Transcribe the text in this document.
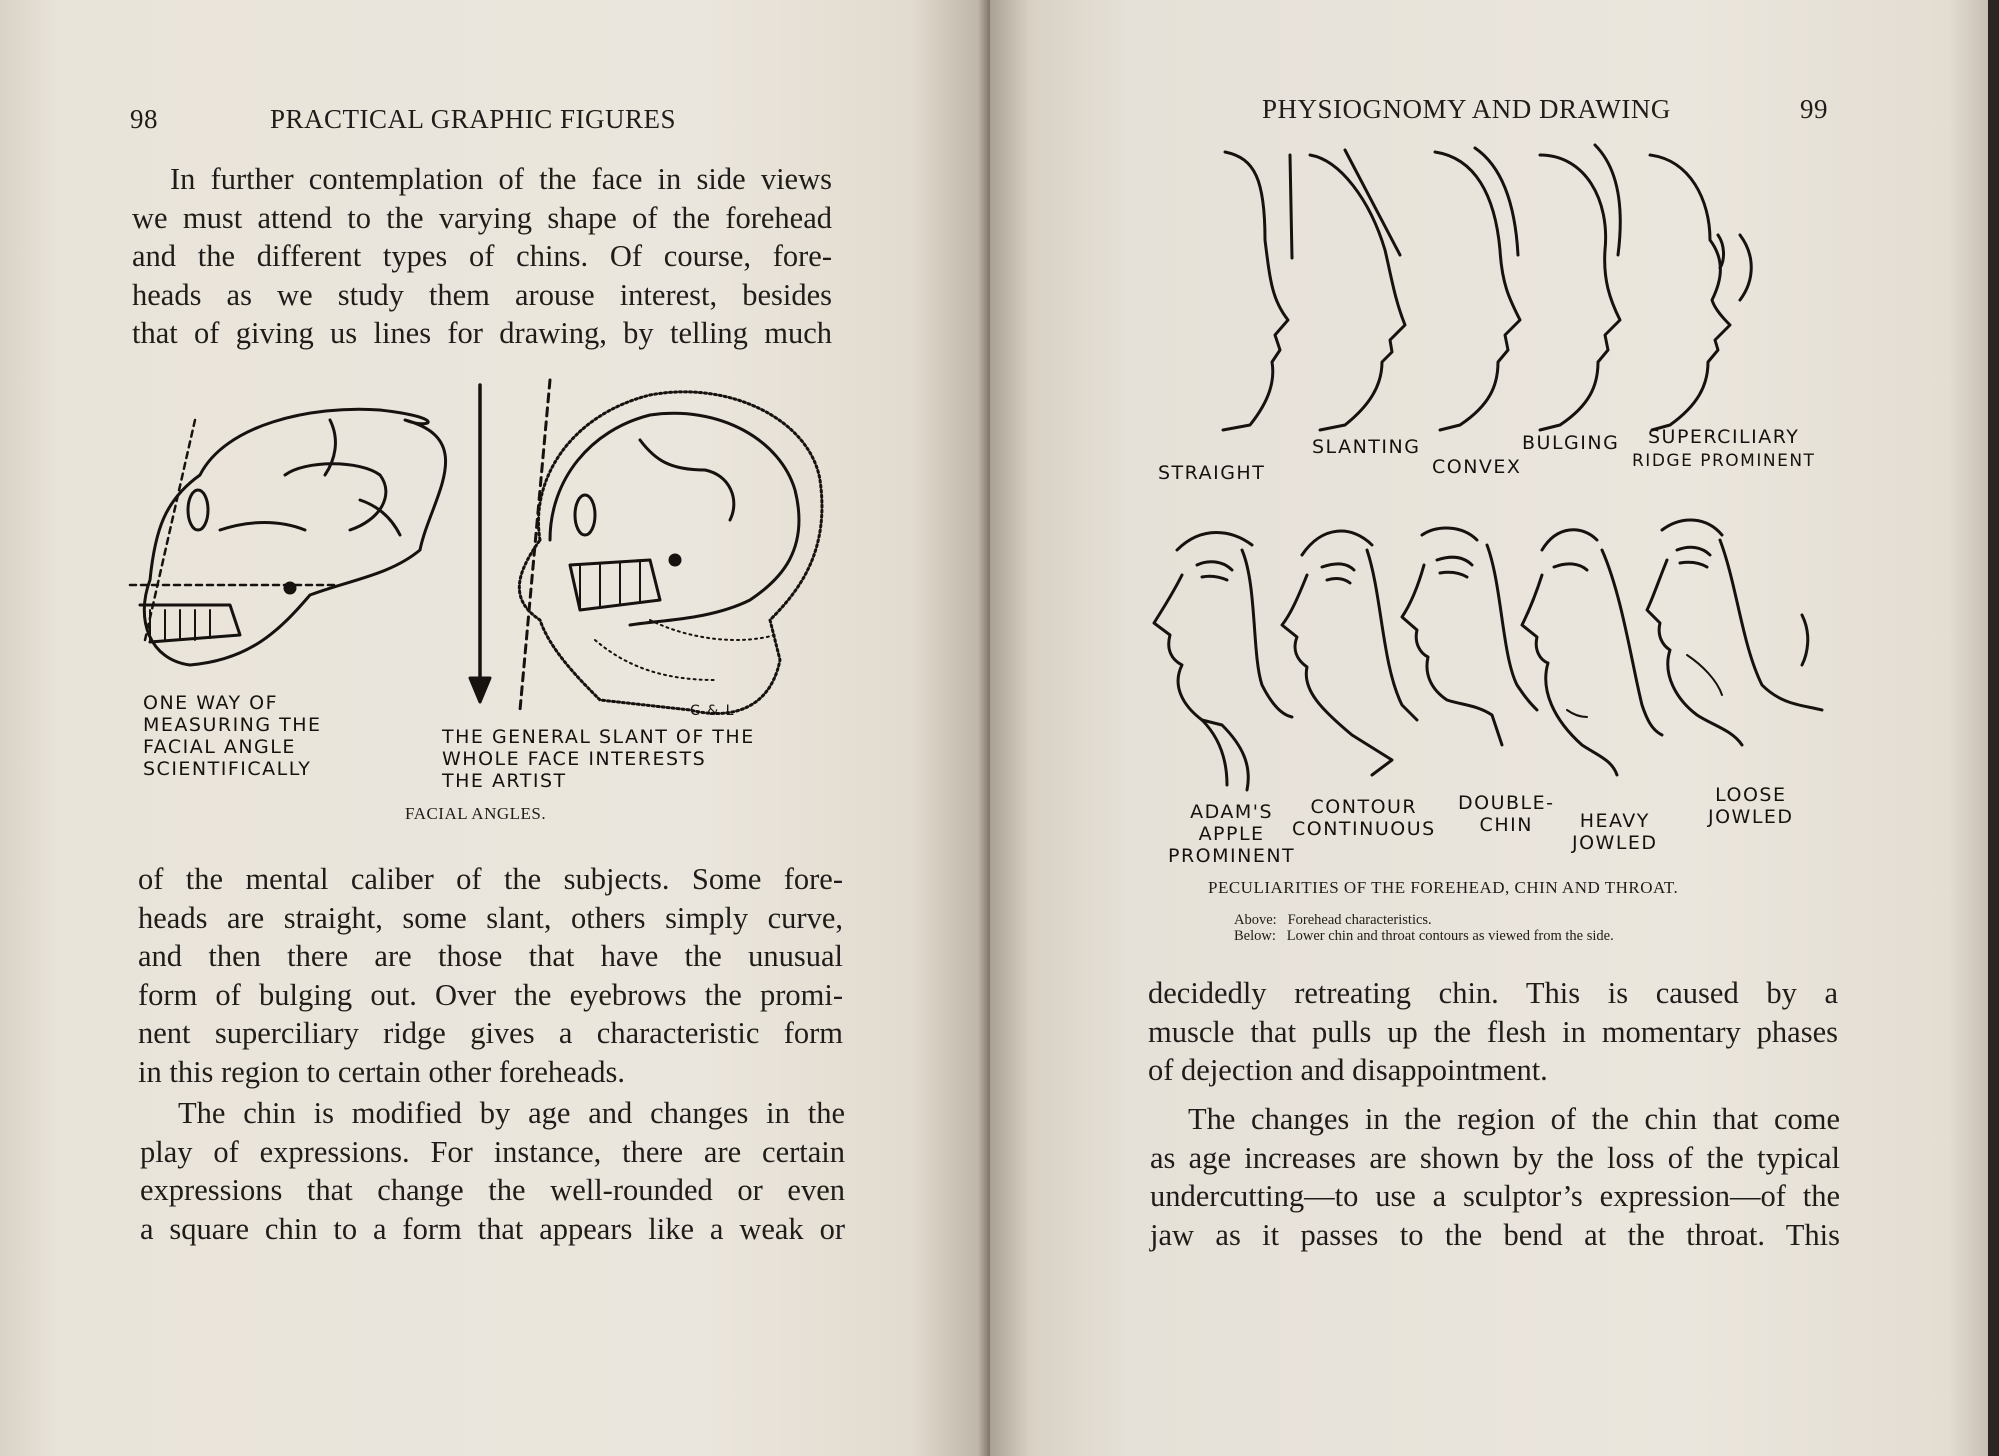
98	PRACTICAL GRAPHIC FIGURES

In further contemplation of the face in side views

we must attend to the varying shape of the forehead

and the different types of chins. Of course, fore-

heads as we study them arouse interest, besides

that of giving us lines for drawing, by telling much

ONE WAY OF
MEASURING THE
FACIAL ANGLE
SCIENTIFICALLY
C & L
THE GENERAL SLANT OF THE
WHOLE FACE INTERESTS
THE ARTIST
FACIAL ANGLES.

of the mental caliber of the subjects. Some fore-

heads are straight, some slant, others simply curve,

and then there are those that have the unusual

form of bulging out. Over the eyebrows the promi-

nent superciliary ridge gives a characteristic form

in this region to certain other foreheads.

The chin is modified by age and changes in the

play of expressions. For instance, there are certain

expressions that change the well-rounded or even

a square chin to a form that appears like a weak or

PHYSIOGNOMY AND DRAWING	99
STRAIGHT
SLANTING
CONVEX
BULGING SUPERCILIARY
RIDGE PROMINENT
ADAM'S
APPLE
PROMINENT
CONTOUR
CONTINUOUS
DOUBLE-
CHIN	HEAVY
JOWLED
LOOSE
JOWLED
PECULIARITIES OF THE FOREHEAD, CHIN AND THROAT.
Above: Forehead characteristics.
Below: Lower chin and throat contours as viewed from the side.

decidedly retreating chin. This is caused by a

muscle that pulls up the flesh in momentary phases

of dejection and disappointment.

The changes in the region of the chin that come

as age increases are shown by the loss of the typical

undercutting—to use a sculptor’s expression—of the

jaw as it passes to the bend at the throat. This
